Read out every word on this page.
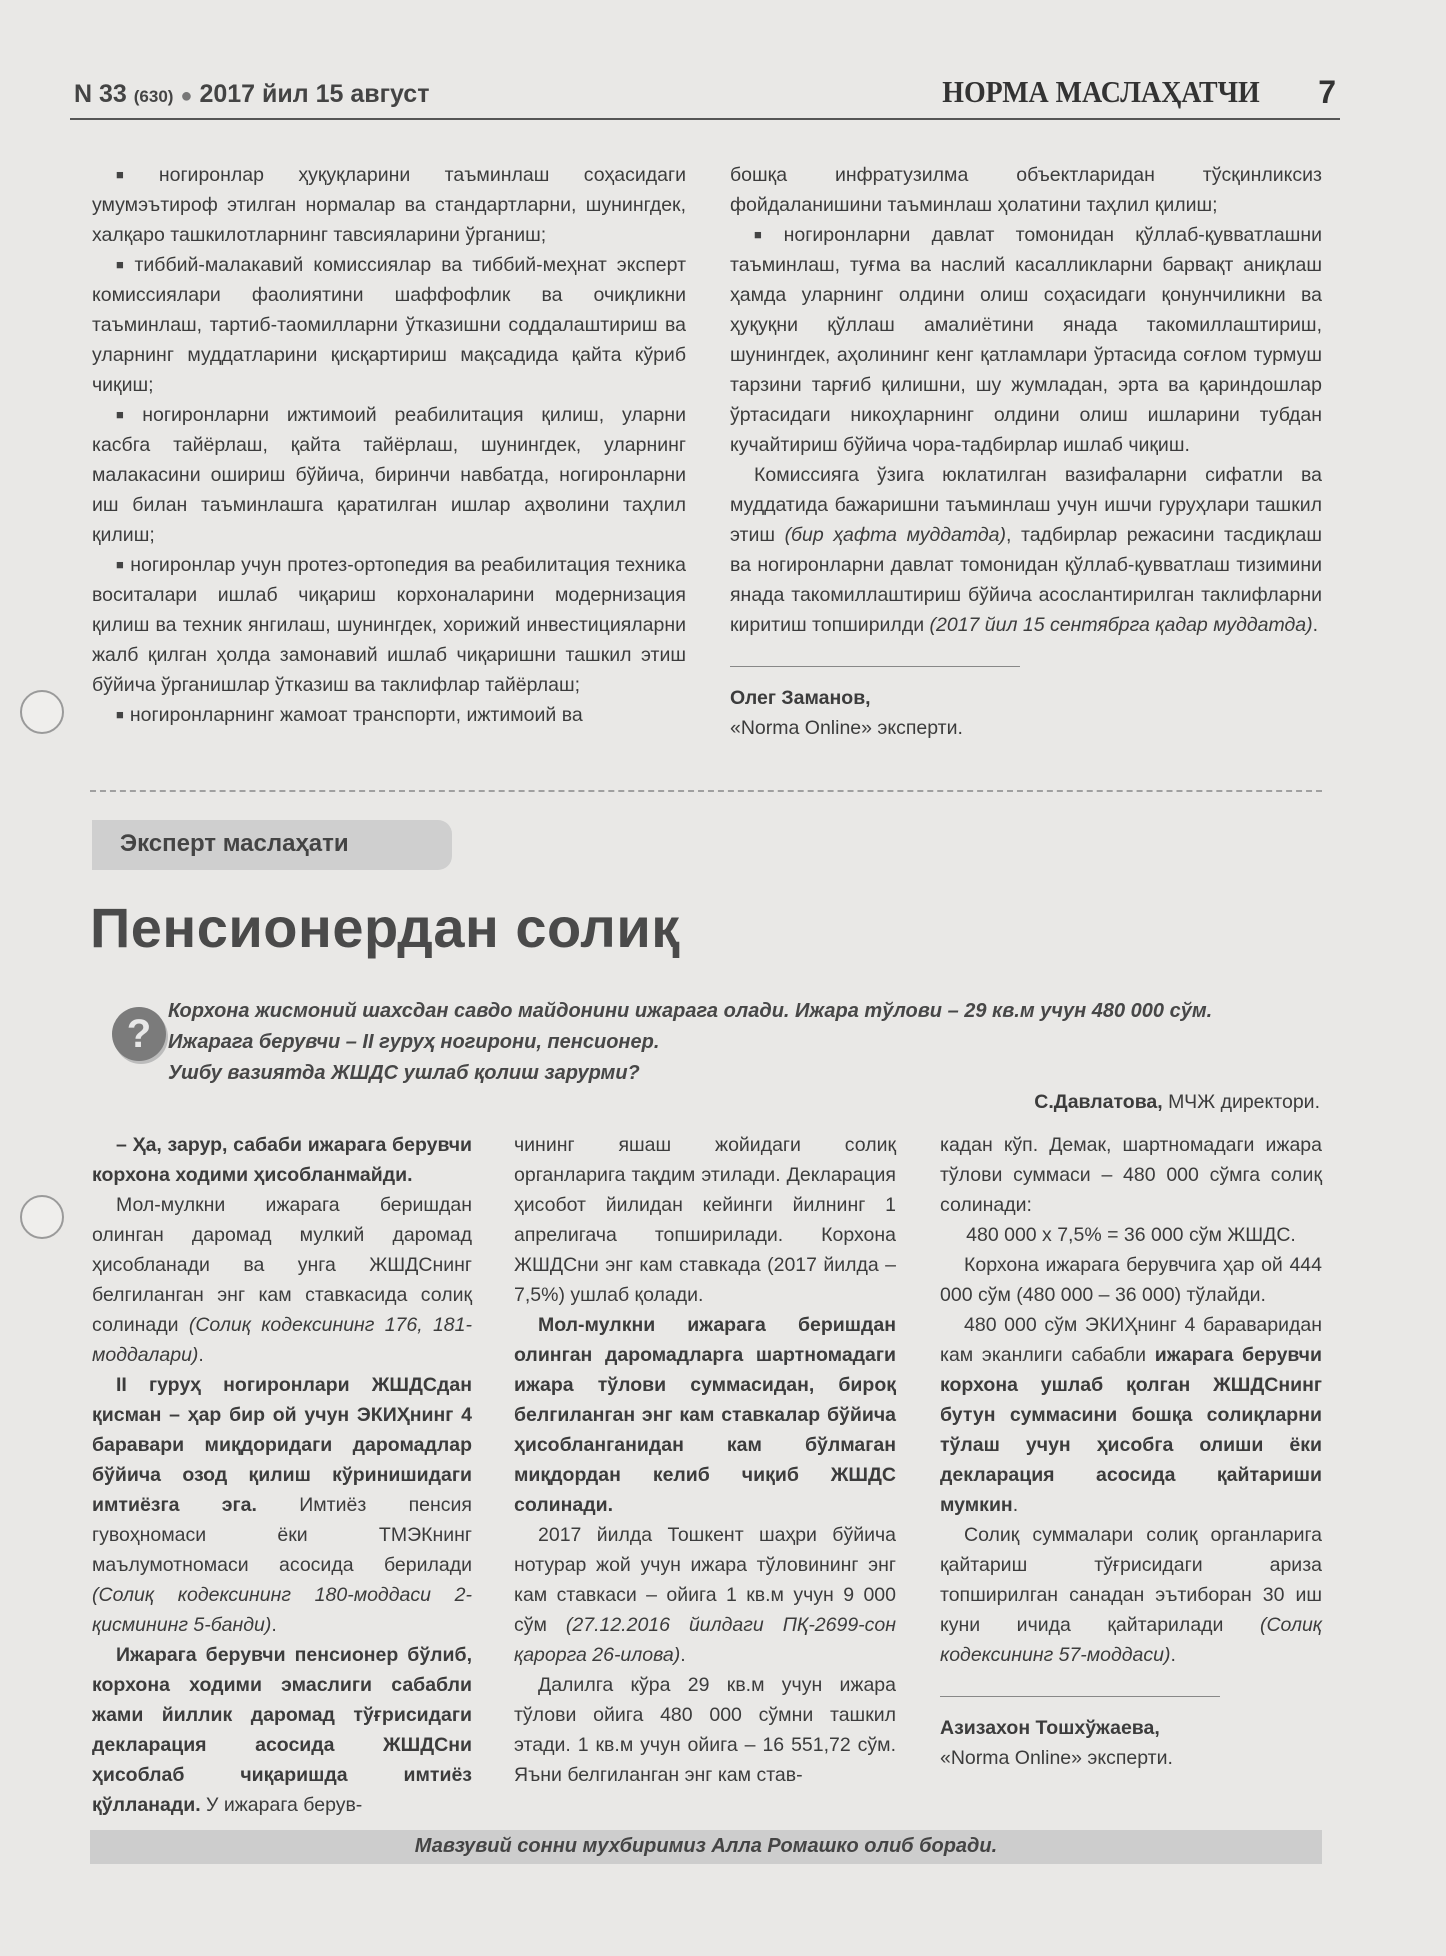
N 33 (630) ● 2017 йил 15 август	НОРМА МАСЛАҲАТЧИ 7

■ ногиронлар ҳуқуқларини таъминлаш соҳасидаги умумэътироф этилган нормалар ва стандартларни, шунингдек, халқаро ташкилотларнинг тавсияларини ўрганиш;

■ тиббий-малакавий комиссиялар ва тиббий-меҳнат эксперт комиссиялари фаолиятини шаффофлик ва очиқликни таъминлаш, тартиб-таомилларни ўтказишни соддалаштириш ва уларнинг муддатларини қисқартириш мақсадида қайта кўриб чиқиш;

■ ногиронларни ижтимоий реабилитация қилиш, уларни касбга тайёрлаш, қайта тайёрлаш, шунингдек, уларнинг малакасини ошириш бўйича, биринчи навбатда, ногиронларни иш билан таъминлашга қаратилган ишлар аҳволини таҳлил қилиш;

■ ногиронлар учун протез-ортопедия ва реабилитация техника воситалари ишлаб чиқариш корхоналарини модернизация қилиш ва техник янгилаш, шунингдек, хорижий инвестицияларни жалб қилган ҳолда замонавий ишлаб чиқаришни ташкил этиш бўйича ўрганишлар ўтказиш ва таклифлар тайёрлаш;

■ ногиронларнинг жамоат транспорти, ижтимоий ва

бошқа инфратузилма объектларидан тўсқинликсиз фойдаланишини таъминлаш ҳолатини таҳлил қилиш;

■ ногиронларни давлат томонидан қўллаб-қувватлашни таъминлаш, туғма ва наслий касалликларни барвақт аниқлаш ҳамда уларнинг олдини олиш соҳасидаги қонунчиликни ва ҳуқуқни қўллаш амалиётини янада такомиллаштириш, шунингдек, аҳолининг кенг қатламлари ўртасида соғлом турмуш тарзини тарғиб қилишни, шу жумладан, эрта ва қариндошлар ўртасидаги никоҳларнинг олдини олиш ишларини тубдан кучайтириш бўйича чора-тадбирлар ишлаб чиқиш.

Комиссияга ўзига юклатилган вазифаларни сифатли ва муддатида бажаришни таъминлаш учун ишчи гуруҳлари ташкил этиш (бир ҳафта муддатда), тадбирлар режасини тасдиқлаш ва ногиронларни давлат томонидан қўллаб-қувватлаш тизимини янада такомиллаштириш бўйича асослантирилган таклифларни киритиш топширилди (2017 йил 15 сентябрга қадар муддатда).

Олег Заманов,

«Norma Online» эксперти.

Эксперт маслаҳати
Пенсионердан солиқ
?
Корхона жисмоний шахсдан савдо майдонини ижарага олади. Ижара тўлови – 29 кв.м учун 480 000 сўм.
Ижарага берувчи – II гуруҳ ногирони, пенсионер.
Ушбу вазиятда ЖШДС ушлаб қолиш зарурми?
С.Давлатова, МЧЖ директори.

– Ҳа, зарур, сабаби ижарага берувчи корхона ходими ҳисобланмайди.

Мол-мулкни ижарага беришдан олинган даромад мулкий даромад ҳисобланади ва унга ЖШДСнинг белгиланган энг кам ставкасида солиқ солинади (Солиқ кодексининг 176, 181-моддалари).

II гуруҳ ногиронлари ЖШДСдан қисман – ҳар бир ой учун ЭКИҲнинг 4 баравари миқдоридаги даромадлар бўйича озод қилиш кўринишидаги имтиёзга эга. Имтиёз пенсия гувоҳномаси ёки ТМЭКнинг маълумотномаси асосида берилади (Солиқ кодексининг 180-моддаси 2-қисмининг 5-банди).

Ижарага берувчи пенсионер бўлиб, корхона ходими эмаслиги сабабли жами йиллик даромад тўғрисидаги декларация асосида ЖШДСни ҳисоблаб чиқаришда имтиёз қўлланади. У ижарага берув-

чининг яшаш жойидаги солиқ органларига тақдим этилади. Декларация ҳисобот йилидан кейинги йилнинг 1 апрелигача топширилади. Корхона ЖШДСни энг кам ставкада (2017 йилда – 7,5%) ушлаб қолади.

Мол-мулкни ижарага беришдан олинган даромадларга шартномадаги ижара тўлови суммасидан, бироқ белгиланган энг кам ставкалар бўйича ҳисобланганидан кам бўлмаган миқдордан келиб чиқиб ЖШДС солинади.

2017 йилда Тошкент шаҳри бўйича нотурар жой учун ижара тўловининг энг кам ставкаси – ойига 1 кв.м учун 9 000 сўм (27.12.2016 йилдаги ПҚ-2699-сон қарорга 26-илова).

Далилга кўра 29 кв.м учун ижара тўлови ойига 480 000 сўмни ташкил этади. 1 кв.м учун ойига – 16 551,72 сўм. Яъни белгиланган энг кам став-

кадан кўп. Демак, шартномадаги ижара тўлови суммаси – 480 000 сўмга солиқ солинади:

480 000 x 7,5% = 36 000 сўм ЖШДС.

Корхона ижарага берувчига ҳар ой 444 000 сўм (480 000 – 36 000) тўлайди.

480 000 сўм ЭКИҲнинг 4 бараваридан кам эканлиги сабабли ижарага берувчи корхона ушлаб қолган ЖШДСнинг бутун суммасини бошқа солиқларни тўлаш учун ҳисобга олиши ёки декларация асосида қайтариши мумкин.

Солиқ суммалари солиқ органларига қайтариш тўғрисидаги ариза топширилган санадан эътиборан 30 иш куни ичида қайтарилади (Солиқ кодексининг 57-моддаси).

Азизахон Тошхўжаева,

«Norma Online» эксперти.

Мавзувий сонни мухбиримиз Алла Ромашко олиб боради.
